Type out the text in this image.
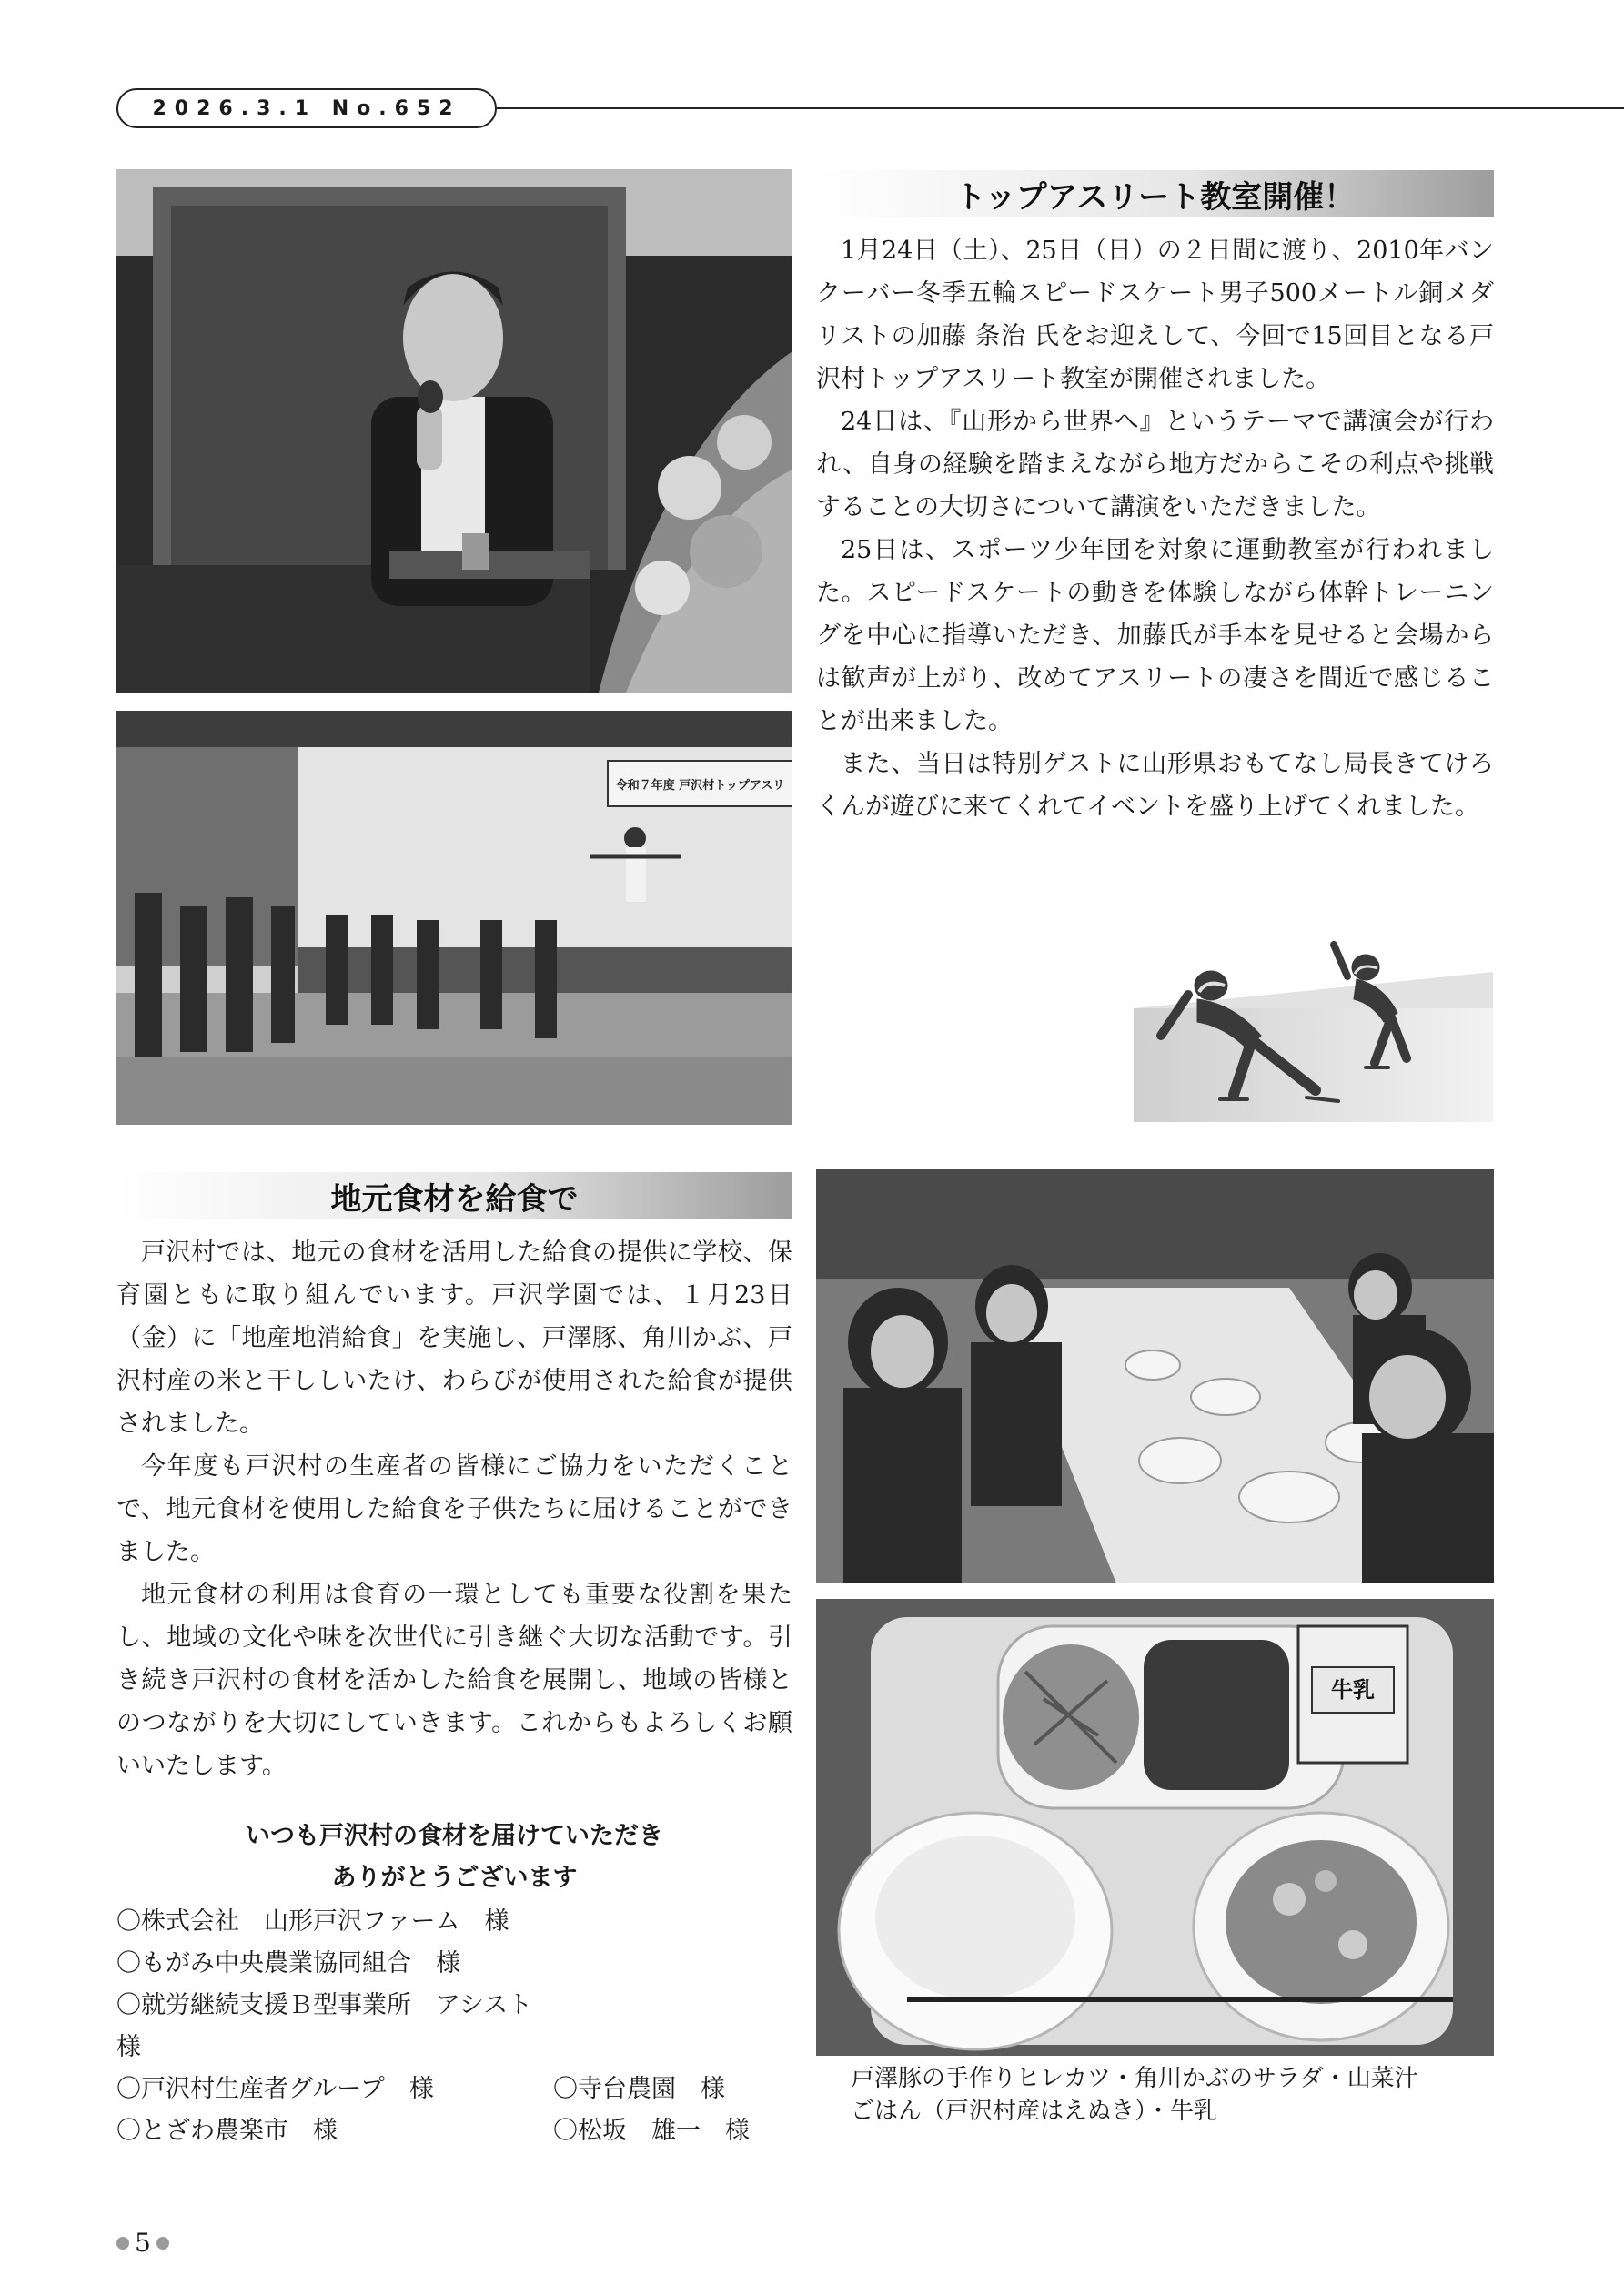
2026.3.1 No.652
令和７年度 戸沢村トップアスリ
トップアスリート教室開催！

1月24日（土）、25日（日）の２日間に渡り、2010年バンクーバー冬季五輪スピードスケート男子500メートル銅メダリストの加藤 条治 氏をお迎えして、今回で15回目となる戸沢村トップアスリート教室が開催されました。

24日は、『山形から世界へ』というテーマで講演会が行われ、自身の経験を踏まえながら地方だからこその利点や挑戦することの大切さについて講演をいただきました。

25日は、スポーツ少年団を対象に運動教室が行われました。スピードスケートの動きを体験しながら体幹トレーニングを中心に指導いただき、加藤氏が手本を見せると会場からは歓声が上がり、改めてアスリートの凄さを間近で感じることが出来ました。

また、当日は特別ゲストに山形県おもてなし局長きてけろくんが遊びに来てくれてイベントを盛り上げてくれました。

地元食材を給食で

戸沢村では、地元の食材を活用した給食の提供に学校、保育園ともに取り組んでいます。戸沢学園では、１月23日（金）に「地産地消給食」を実施し、戸澤豚、角川かぶ、戸沢村産の米と干ししいたけ、わらびが使用された給食が提供されました。

今年度も戸沢村の生産者の皆様にご協力をいただくことで、地元食材を使用した給食を子供たちに届けることができました。

地元食材の利用は食育の一環としても重要な役割を果たし、地域の文化や味を次世代に引き継ぐ大切な活動です。引き続き戸沢村の食材を活かした給食を展開し、地域の皆様とのつながりを大切にしていきます。これからもよろしくお願いいたします。

いつも戸沢村の食材を届けていただき
ありがとうございます
〇株式会社　山形戸沢ファーム　様
〇もがみ中央農業協同組合　様
〇就労継続支援Ｂ型事業所　アシスト　様
〇戸沢村生産者グループ　様	〇寺台農園　様
〇とざわ農楽市　様	〇松坂　雄一　様
牛乳
戸澤豚の手作りヒレカツ・角川かぶのサラダ・山菜汁
ごはん（戸沢村産はえぬき）・牛乳
5
